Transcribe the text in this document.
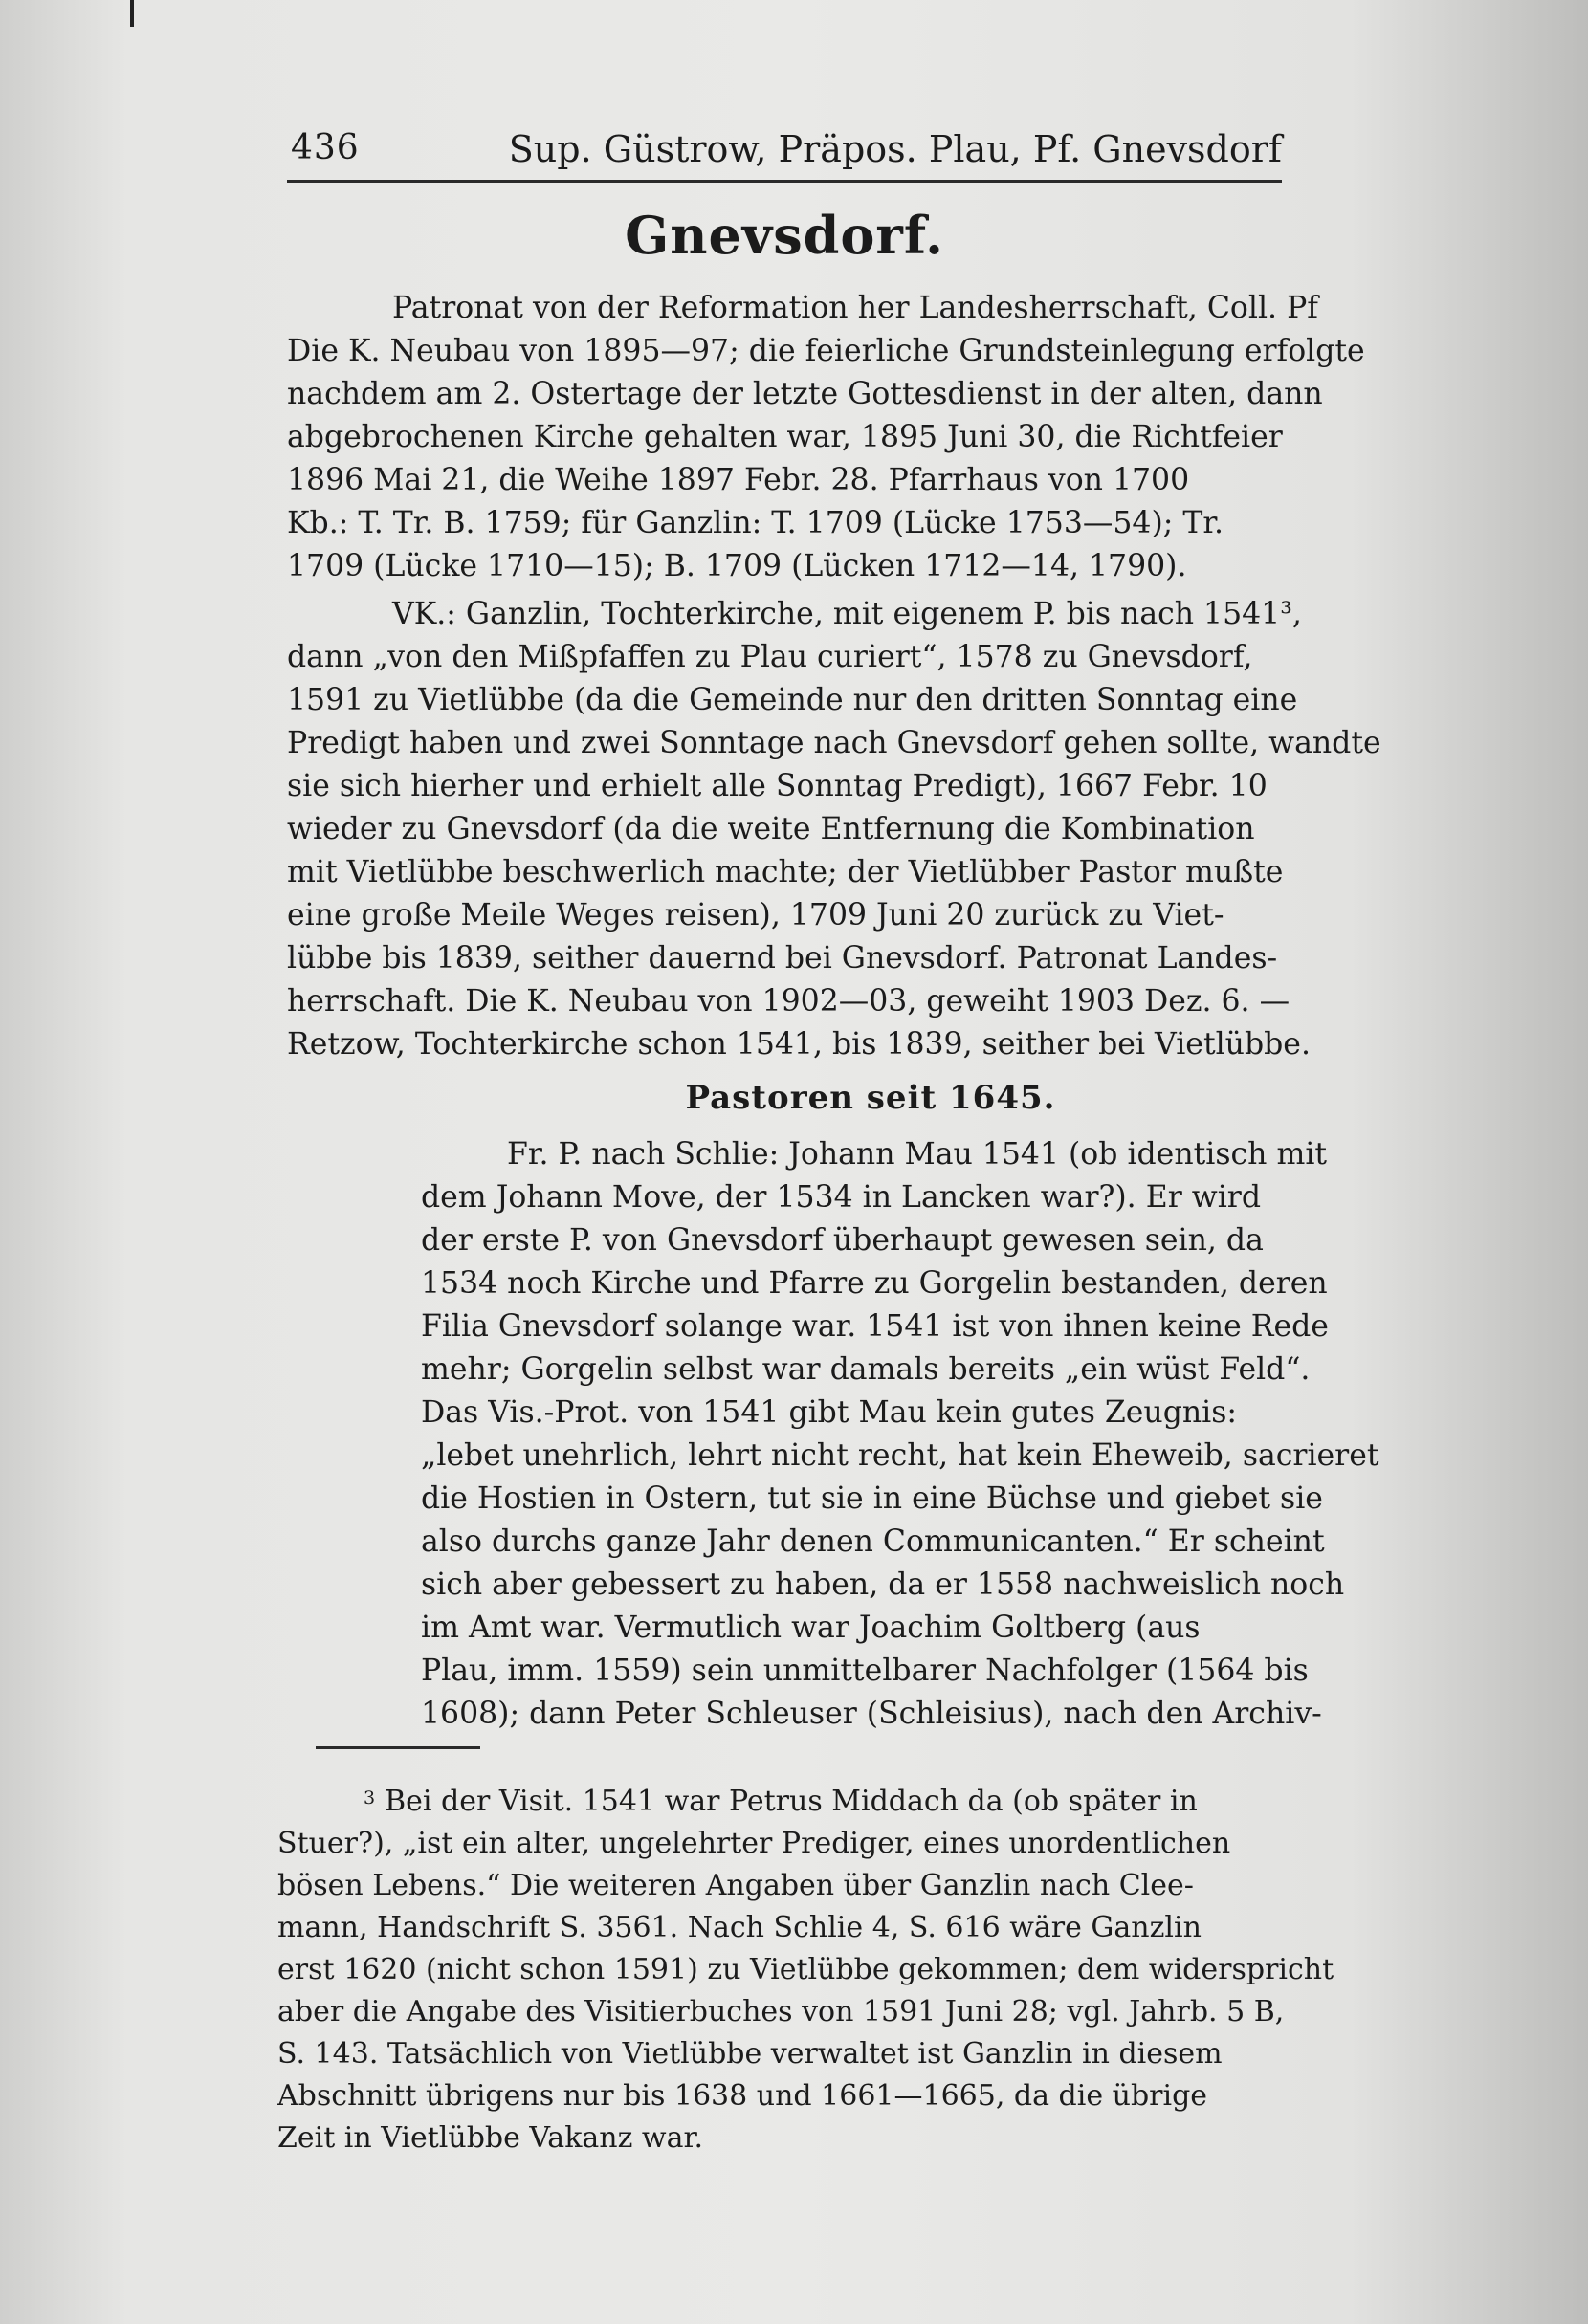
436	Sup. Güstrow, Präpos. Plau, Pf. Gnevsdorf
Gnevsdorf.

Patronat von der Reformation her Landesherrschaft, Coll. Pf
Die K. Neubau von 1895—97; die feierliche Grundsteinlegung erfolgte
nachdem am 2. Ostertage der letzte Gottesdienst in der alten, dann
abgebrochenen Kirche gehalten war, 1895 Juni 30, die Richtfeier
1896 Mai 21, die Weihe 1897 Febr. 28. Pfarrhaus von 1700
Kb.: T. Tr. B. 1759; für Ganzlin: T. 1709 (Lücke 1753—54); Tr.
1709 (Lücke 1710—15); B. 1709 (Lücken 1712—14, 1790).

VK.: Ganzlin, Tochterkirche, mit eigenem P. bis nach 1541³,
dann „von den Mißpfaffen zu Plau curiert“, 1578 zu Gnevsdorf,
1591 zu Vietlübbe (da die Gemeinde nur den dritten Sonntag eine
Predigt haben und zwei Sonntage nach Gnevsdorf gehen sollte, wandte
sie sich hierher und erhielt alle Sonntag Predigt), 1667 Febr. 10
wieder zu Gnevsdorf (da die weite Entfernung die Kombination
mit Vietlübbe beschwerlich machte; der Vietlübber Pastor mußte
eine große Meile Weges reisen), 1709 Juni 20 zurück zu Viet-
lübbe bis 1839, seither dauernd bei Gnevsdorf. Patronat Landes-
herrschaft. Die K. Neubau von 1902—03, geweiht 1903 Dez. 6. —
Retzow, Tochterkirche schon 1541, bis 1839, seither bei Vietlübbe.

Pastoren seit 1645.

Fr. P. nach Schlie: Johann Mau 1541 (ob identisch mit
dem Johann Move, der 1534 in Lancken war?). Er wird
der erste P. von Gnevsdorf überhaupt gewesen sein, da
1534 noch Kirche und Pfarre zu Gorgelin bestanden, deren
Filia Gnevsdorf solange war. 1541 ist von ihnen keine Rede
mehr; Gorgelin selbst war damals bereits „ein wüst Feld“.
Das Vis.-Prot. von 1541 gibt Mau kein gutes Zeugnis:
„lebet unehrlich, lehrt nicht recht, hat kein Eheweib, sacrieret
die Hostien in Ostern, tut sie in eine Büchse und giebet sie
also durchs ganze Jahr denen Communicanten.“ Er scheint
sich aber gebessert zu haben, da er 1558 nachweislich noch
im Amt war. Vermutlich war Joachim Goltberg (aus
Plau, imm. 1559) sein unmittelbarer Nachfolger (1564 bis
1608); dann Peter Schleuser (Schleisius), nach den Archiv-

$^3$ Bei der Visit. 1541 war Petrus Middach da (ob später in
Stuer?), „ist ein alter, ungelehrter Prediger, eines unordentlichen
bösen Lebens.“ Die weiteren Angaben über Ganzlin nach Clee-
mann, Handschrift S. 3561. Nach Schlie 4, S. 616 wäre Ganzlin
erst 1620 (nicht schon 1591) zu Vietlübbe gekommen; dem widerspricht
aber die Angabe des Visitierbuches von 1591 Juni 28; vgl. Jahrb. 5 B,
S. 143. Tatsächlich von Vietlübbe verwaltet ist Ganzlin in diesem
Abschnitt übrigens nur bis 1638 und 1661—1665, da die übrige
Zeit in Vietlübbe Vakanz war.
